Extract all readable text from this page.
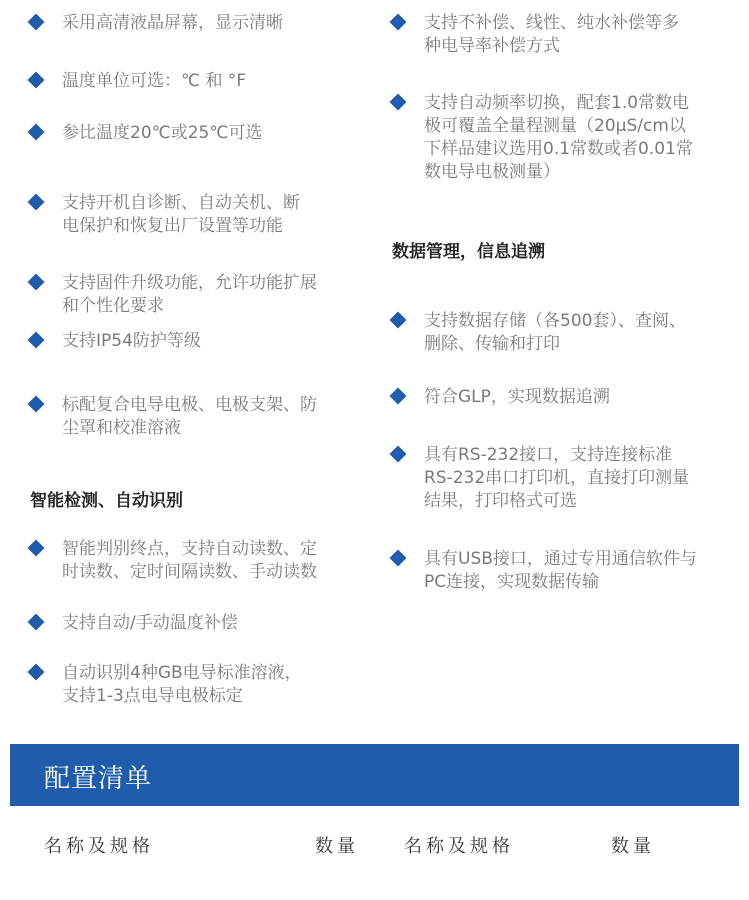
采用高清液晶屏幕，显示清晰
温度单位可选：℃ 和 °F
参比温度20℃或25℃可选
支持开机自诊断、自动关机、断
电保护和恢复出厂设置等功能
支持固件升级功能，允许功能扩展
和个性化要求
支持IP54防护等级
标配复合电导电极、电极支架、防
尘罩和校准溶液
智能检测、自动识别
智能判别终点，支持自动读数、定
时读数、定时间隔读数、手动读数
支持自动/手动温度补偿
自动识别4种GB电导标准溶液，
支持1-3点电导电极标定
支持不补偿、线性、纯水补偿等多
种电导率补偿方式
支持自动频率切换，配套1.0常数电
极可覆盖全量程测量（20μS/cm以
下样品建议选用0.1常数或者0.01常
数电导电极测量）
数据管理，信息追溯
支持数据存储（各500套）、查阅、
删除、传输和打印
符合GLP，实现数据追溯
具有RS-232接口，支持连接标准
RS-232串口打印机，直接打印测量
结果，打印格式可选
具有USB接口，通过专用通信软件与
PC连接，实现数据传输
配置清单
名称及规格	数量	名称及规格	数量
